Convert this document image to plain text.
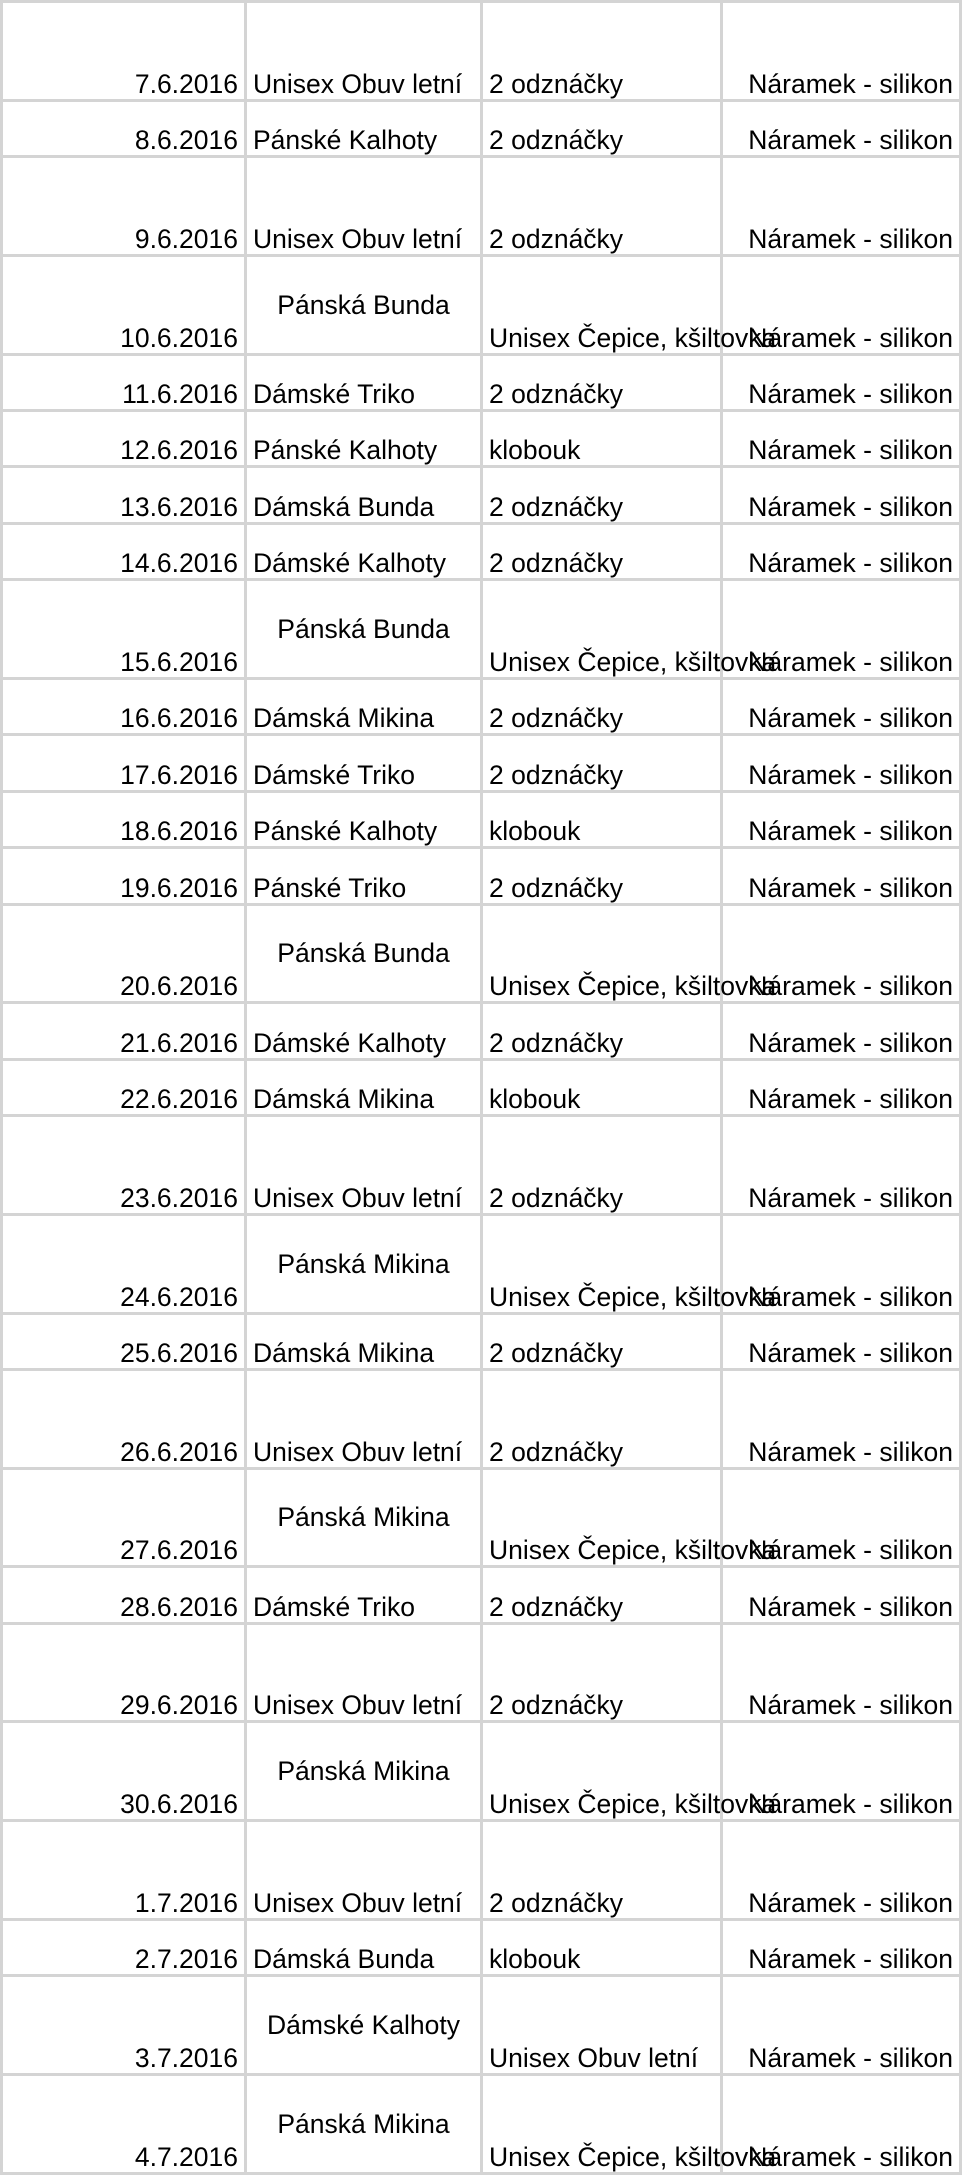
7.6.2016	Unisex Obuv letní	2 odznáčky	Náramek - silikon
8.6.2016	Pánské Kalhoty	2 odznáčky	Náramek - silikon
9.6.2016	Unisex Obuv letní	2 odznáčky	Náramek - silikon
10.6.2016	Pánská Bunda	Unisex Čepice, kšiltovka	Náramek - silikon
11.6.2016	Dámské Triko	2 odznáčky	Náramek - silikon
12.6.2016	Pánské Kalhoty	klobouk	Náramek - silikon
13.6.2016	Dámská Bunda	2 odznáčky	Náramek - silikon
14.6.2016	Dámské Kalhoty	2 odznáčky	Náramek - silikon
15.6.2016	Pánská Bunda	Unisex Čepice, kšiltovka	Náramek - silikon
16.6.2016	Dámská Mikina	2 odznáčky	Náramek - silikon
17.6.2016	Dámské Triko	2 odznáčky	Náramek - silikon
18.6.2016	Pánské Kalhoty	klobouk	Náramek - silikon
19.6.2016	Pánské Triko	2 odznáčky	Náramek - silikon
20.6.2016	Pánská Bunda	Unisex Čepice, kšiltovka	Náramek - silikon
21.6.2016	Dámské Kalhoty	2 odznáčky	Náramek - silikon
22.6.2016	Dámská Mikina	klobouk	Náramek - silikon
23.6.2016	Unisex Obuv letní	2 odznáčky	Náramek - silikon
24.6.2016	Pánská Mikina	Unisex Čepice, kšiltovka	Náramek - silikon
25.6.2016	Dámská Mikina	2 odznáčky	Náramek - silikon
26.6.2016	Unisex Obuv letní	2 odznáčky	Náramek - silikon
27.6.2016	Pánská Mikina	Unisex Čepice, kšiltovka	Náramek - silikon
28.6.2016	Dámské Triko	2 odznáčky	Náramek - silikon
29.6.2016	Unisex Obuv letní	2 odznáčky	Náramek - silikon
30.6.2016	Pánská Mikina	Unisex Čepice, kšiltovka	Náramek - silikon
1.7.2016	Unisex Obuv letní	2 odznáčky	Náramek - silikon
2.7.2016	Dámská Bunda	klobouk	Náramek - silikon
3.7.2016	Dámské Kalhoty	Unisex Obuv letní	Náramek - silikon
4.7.2016	Pánská Mikina	Unisex Čepice, kšiltovka	Náramek - silikon
